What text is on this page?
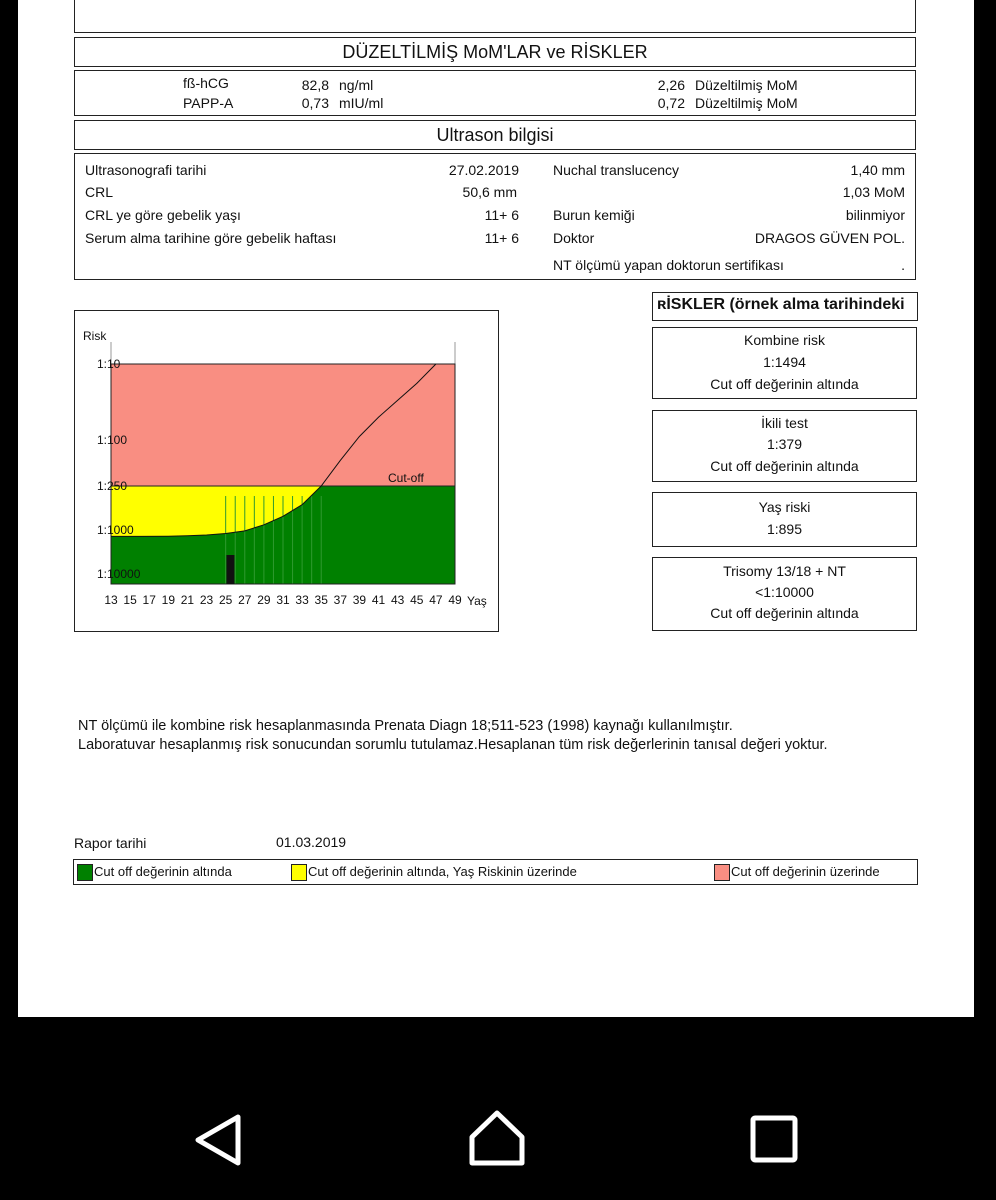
DÜZELTİLMİŞ MoM'LAR ve RİSKLER
fß-hCG	82,8 ng/ml	2,26 Düzeltilmiş MoM
PAPP-A	0,73 mIU/ml	0,72 Düzeltilmiş MoM
Ultrason bilgisi
Ultrasonografi tarihi	27.02.2019
CRL	50,6 mm
CRL ye göre gebelik yaşı	11+ 6
Serum alma tarihine göre gebelik haftası	11+ 6
Nuchal translucency	1,40 mm
1,03 MoM
Burun kemiği	bilinmiyor
Doktor	DRAGOS GÜVEN POL.
NT ölçümü yapan doktorun sertifikası	.
Risk
1:10
1:100
1:250
1:1000
1:10000
Cut-off
13 15 17 19 21 23 25 27 29 31 33 35 37 39 41 43 45 47 49 Yaş
ʀİSKLER (örnek alma tarihindeki
Kombine risk
1:1494
Cut off değerinin altında
İkili test
1:379
Cut off değerinin altında
Yaş riski
1:895
Trisomy 13/18 + NT
<1:10000
Cut off değerinin altında
NT ölçümü ile kombine risk hesaplanmasında Prenata Diagn 18;511-523 (1998) kaynağı kullanılmıştır.
Laboratuvar hesaplanmış risk sonucundan sorumlu tutulamaz.Hesaplanan tüm risk değerlerinin tanısal değeri yoktur.
Rapor tarihi	01.03.2019
Cut off değerinin altında	Cut off değerinin altında, Yaş Riskinin üzerinde	Cut off değerinin üzerinde
